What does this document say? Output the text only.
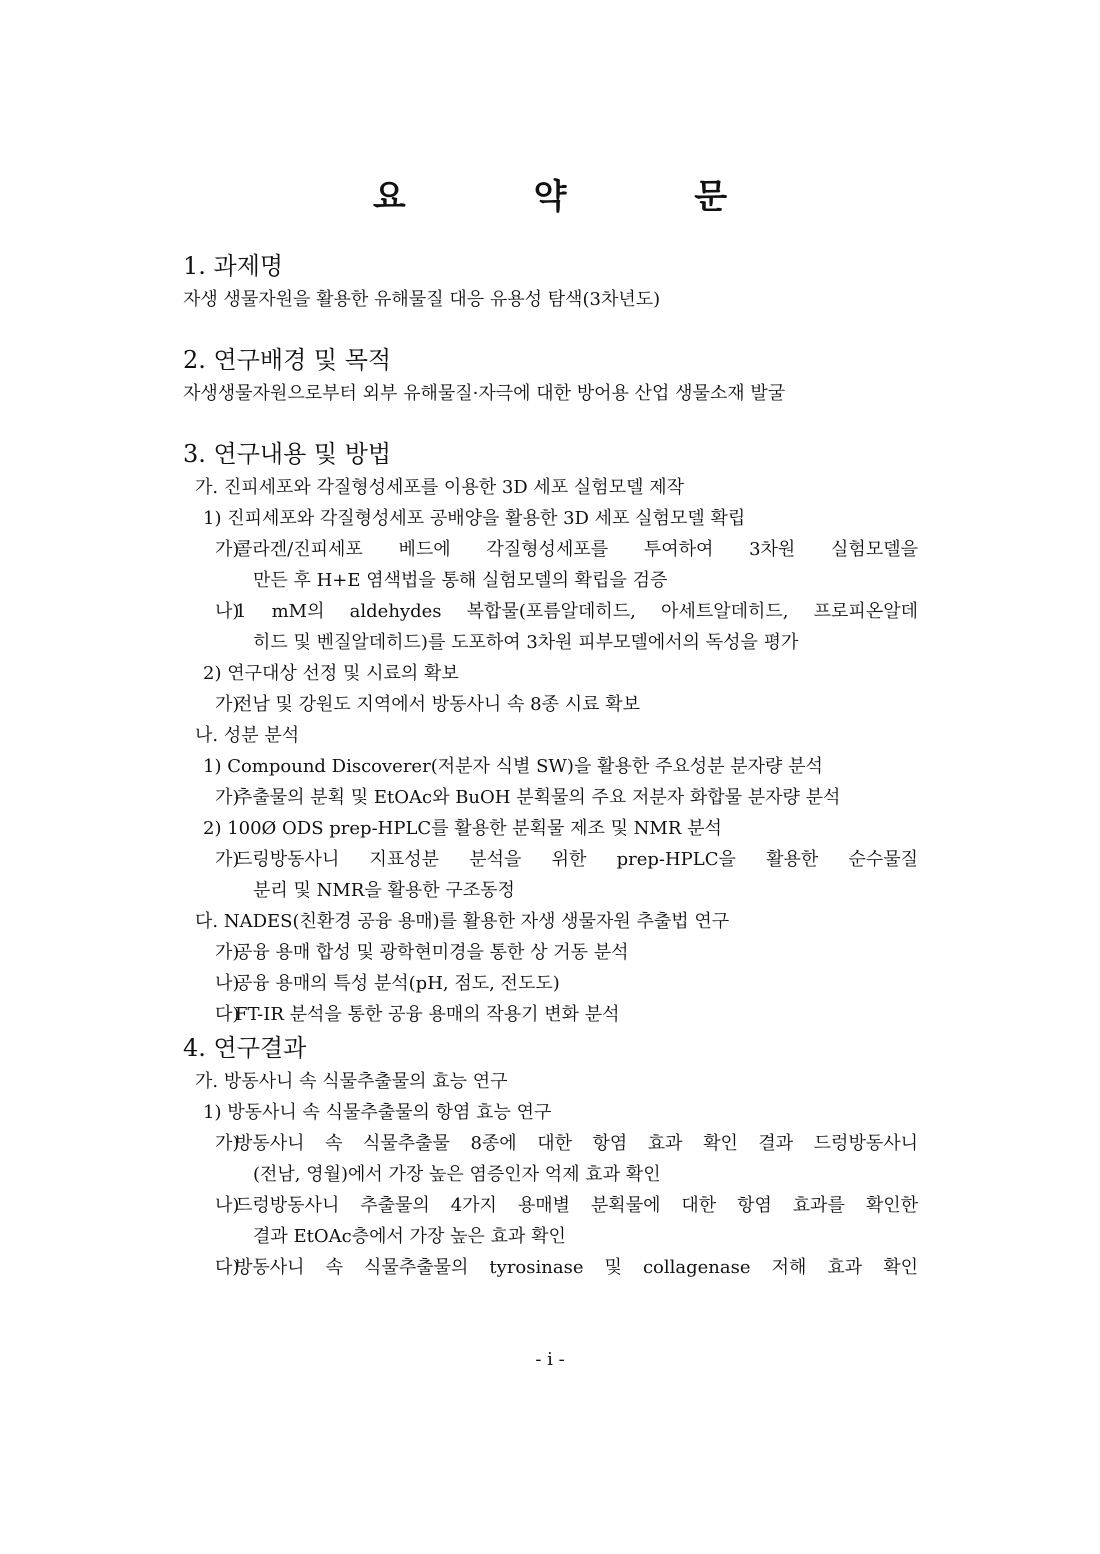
요 약 문
1. 과제명

자생 생물자원을 활용한 유해물질 대응 유용성 탐색(3차년도)

2. 연구배경 및 목적

자생생물자원으로부터 외부 유해물질·자극에 대한 방어용 산업 생물소재 발굴

3. 연구내용 및 방법

가. 진피세포와 각질형성세포를 이용한 3D 세포 실험모델 제작

1) 진피세포와 각질형성세포 공배양을 활용한 3D 세포 실험모델 확립

가)
콜라겐/진피세포 베드에 각질형성세포를 투여하여 3차원 실험모델을
만든 후 H+E 염색법을 통해 실험모델의 확립을 검증
나)
1 mM의 aldehydes 복합물(포름알데히드, 아세트알데히드, 프로피온알데
히드 및 벤질알데히드)를 도포하여 3차원 피부모델에서의 독성을 평가

2) 연구대상 선정 및 시료의 확보

가)
전남 및 강원도 지역에서 방동사니 속 8종 시료 확보

나. 성분 분석

1) Compound Discoverer(저분자 식별 SW)을 활용한 주요성분 분자량 분석

가)
추출물의 분획 및 EtOAc와 BuOH 분획물의 주요 저분자 화합물 분자량 분석

2) 100Ø ODS prep-HPLC를 활용한 분획물 제조 및 NMR 분석

가)
드링방동사니 지표성분 분석을 위한 prep-HPLC을 활용한 순수물질
분리 및 NMR을 활용한 구조동정

다. NADES(친환경 공융 용매)를 활용한 자생 생물자원 추출법 연구

가)
공융 용매 합성 및 광학현미경을 통한 상 거동 분석
나)
공융 용매의 특성 분석(pH, 점도, 전도도)
다)
FT-IR 분석을 통한 공융 용매의 작용기 변화 분석
4. 연구결과

가. 방동사니 속 식물추출물의 효능 연구

1) 방동사니 속 식물추출물의 항염 효능 연구

가)
방동사니 속 식물추출물 8종에 대한 항염 효과 확인 결과 드렁방동사니
(전남, 영월)에서 가장 높은 염증인자 억제 효과 확인
나)
드렁방동사니 추출물의 4가지 용매별 분획물에 대한 항염 효과를 확인한
결과 EtOAc층에서 가장 높은 효과 확인
다)
방동사니 속 식물추출물의 tyrosinase 및 collagenase 저해 효과 확인
- i -
